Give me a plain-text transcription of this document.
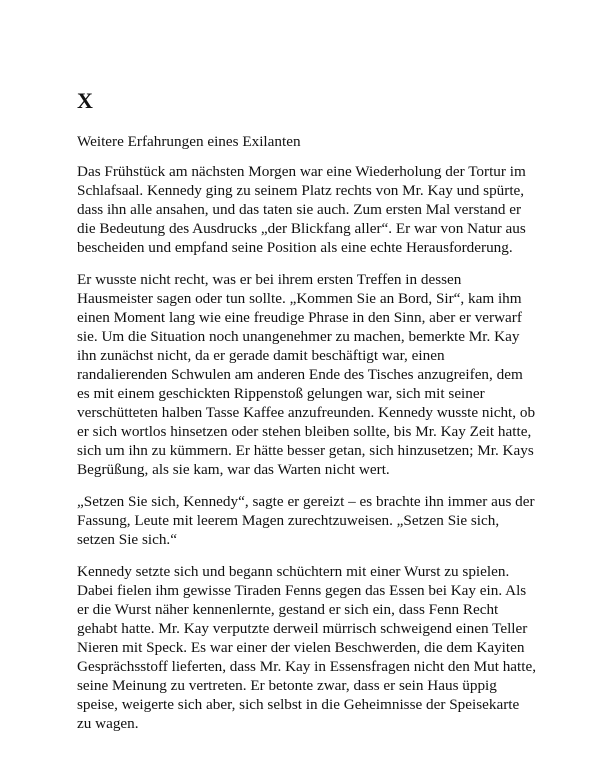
X

Weitere Erfahrungen eines Exilanten

Das Frühstück am nächsten Morgen war eine Wiederholung der Tortur im Schlafsaal. Kennedy ging zu seinem Platz rechts von Mr. Kay und spürte, dass ihn alle ansahen, und das taten sie auch. Zum ersten Mal verstand er die Bedeutung des Ausdrucks „der Blickfang aller“. Er war von Natur aus bescheiden und empfand seine Position als eine echte Herausforderung.

Er wusste nicht recht, was er bei ihrem ersten Treffen in dessen Hausmeister sagen oder tun sollte. „Kommen Sie an Bord, Sir“, kam ihm einen Moment lang wie eine freudige Phrase in den Sinn, aber er verwarf sie. Um die Situation noch unangenehmer zu machen, bemerkte Mr. Kay ihn zunächst nicht, da er gerade damit beschäftigt war, einen randalierenden Schwulen am anderen Ende des Tisches anzugreifen, dem es mit einem geschickten Rippenstoß gelungen war, sich mit seiner verschütteten halben Tasse Kaffee anzufreunden. Kennedy wusste nicht, ob er sich wortlos hinsetzen oder stehen bleiben sollte, bis Mr. Kay Zeit hatte, sich um ihn zu kümmern. Er hätte besser getan, sich hinzusetzen; Mr. Kays Begrüßung, als sie kam, war das Warten nicht wert.

„Setzen Sie sich, Kennedy“, sagte er gereizt – es brachte ihn immer aus der Fassung, Leute mit leerem Magen zurechtzuweisen. „Setzen Sie sich, setzen Sie sich.“

Kennedy setzte sich und begann schüchtern mit einer Wurst zu spielen. Dabei fielen ihm gewisse Tiraden Fenns gegen das Essen bei Kay ein. Als er die Wurst näher kennenlernte, gestand er sich ein, dass Fenn Recht gehabt hatte. Mr. Kay verputzte derweil mürrisch schweigend einen Teller Nieren mit Speck. Es war einer der vielen Beschwerden, die dem Kayiten Gesprächsstoff lieferten, dass Mr. Kay in Essensfragen nicht den Mut hatte, seine Meinung zu vertreten. Er betonte zwar, dass er sein Haus üppig speise, weigerte sich aber, sich selbst in die Geheimnisse der Speisekarte zu wagen.
